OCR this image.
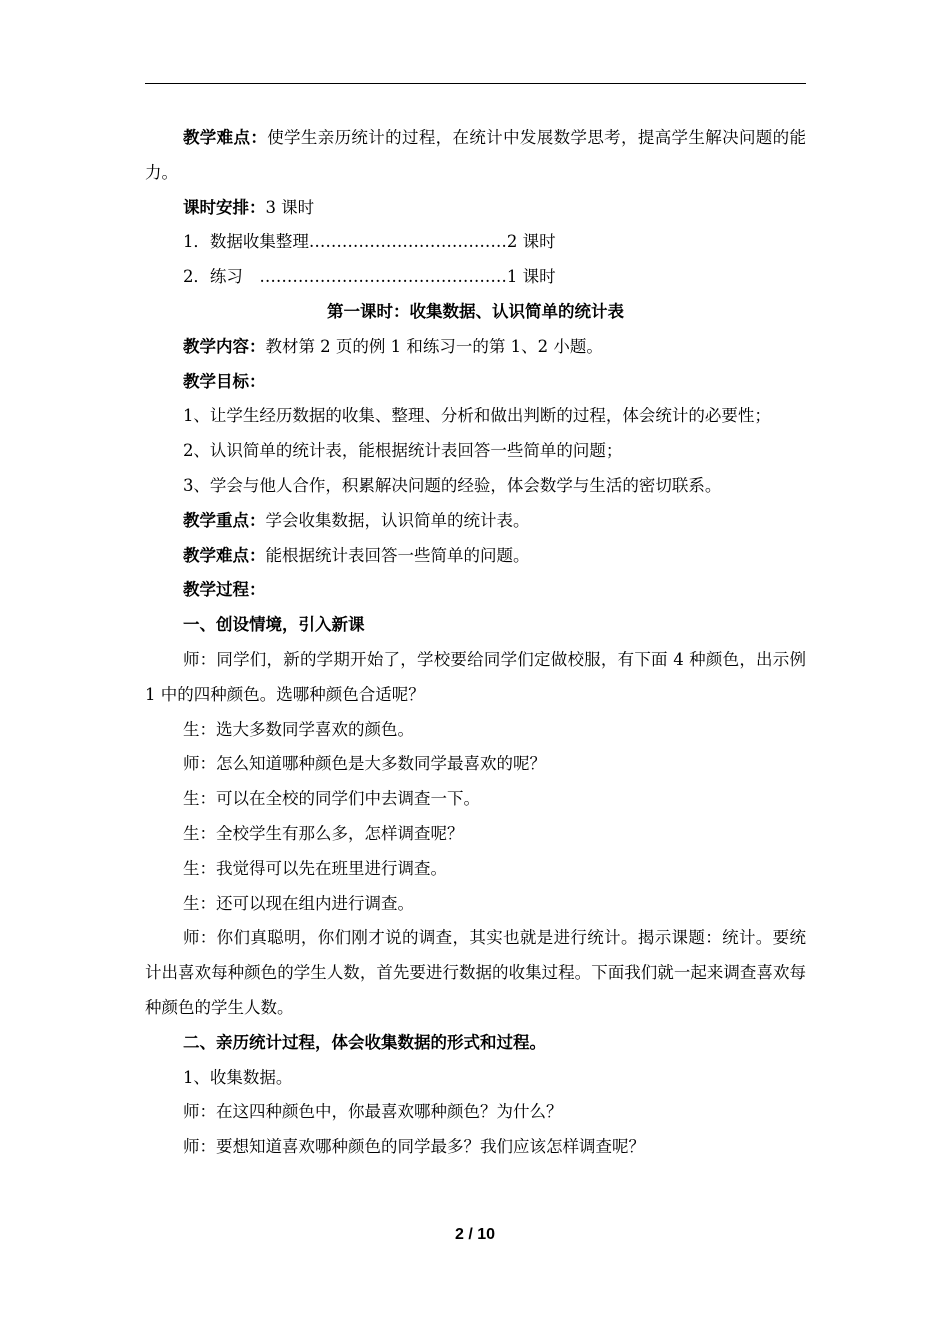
教学难点：使学生亲历统计的过程，在统计中发展数学思考，提高学生解决问题的能力。

课时安排：3 课时

1．数据收集整理………………………………2 课时

2．练习　………………………………………1 课时

第一课时：收集数据、认识简单的统计表

教学内容：教材第 2 页的例 1 和练习一的第 1、2 小题。

教学目标：

1、让学生经历数据的收集、整理、分析和做出判断的过程，体会统计的必要性；

2、认识简单的统计表，能根据统计表回答一些简单的问题；

3、学会与他人合作，积累解决问题的经验，体会数学与生活的密切联系。

教学重点：学会收集数据，认识简单的统计表。

教学难点：能根据统计表回答一些简单的问题。

教学过程：

一、创设情境，引入新课

师：同学们，新的学期开始了，学校要给同学们定做校服，有下面 4 种颜色，出示例 1 中的四种颜色。选哪种颜色合适呢？

生：选大多数同学喜欢的颜色。

师：怎么知道哪种颜色是大多数同学最喜欢的呢？

生：可以在全校的同学们中去调查一下。

生：全校学生有那么多，怎样调查呢？

生：我觉得可以先在班里进行调查。

生：还可以现在组内进行调查。

师：你们真聪明，你们刚才说的调查，其实也就是进行统计。揭示课题：统计。要统计出喜欢每种颜色的学生人数，首先要进行数据的收集过程。下面我们就一起来调查喜欢每种颜色的学生人数。

二、亲历统计过程，体会收集数据的形式和过程。

1、收集数据。

师：在这四种颜色中，你最喜欢哪种颜色？为什么？

师：要想知道喜欢哪种颜色的同学最多？我们应该怎样调查呢？

2 / 10
